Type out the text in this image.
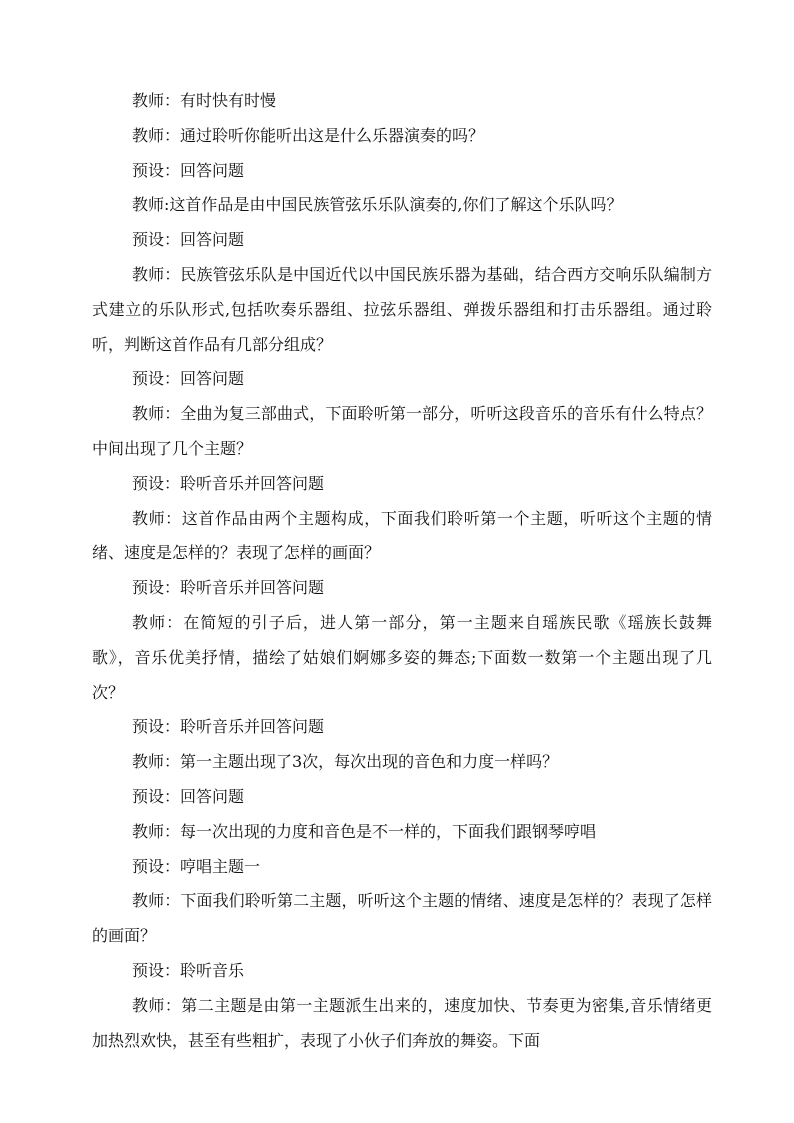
教师：有时快有时慢

教师：通过聆听你能听出这是什么乐器演奏的吗？

预设：回答问题

教师:这首作品是由中国民族管弦乐乐队演奏的,你们了解这个乐队吗？

预设：回答问题

教师：民族管弦乐队是中国近代以中国民族乐器为基础，结合西方交响乐队编制方式建立的乐队形式,包括吹奏乐器组、拉弦乐器组、弹拨乐器组和打击乐器组。通过聆听，判断这首作品有几部分组成？

预设：回答问题

教师：全曲为复三部曲式，下面聆听第一部分，听听这段音乐的音乐有什么特点？中间出现了几个主题？

预设：聆听音乐并回答问题

教师：这首作品由两个主题构成，下面我们聆听第一个主题，听听这个主题的情绪、速度是怎样的？表现了怎样的画面？

预设：聆听音乐并回答问题

教师：在简短的引子后，进人第一部分，第一主题来自瑶族民歌《瑶族长鼓舞歌》，音乐优美抒情，描绘了姑娘们婀娜多姿的舞态;下面数一数第一个主题出现了几次？

预设：聆听音乐并回答问题

教师：第一主题出现了3次，每次出现的音色和力度一样吗？

预设：回答问题

教师：每一次出现的力度和音色是不一样的，下面我们跟钢琴哼唱

预设：哼唱主题一

教师：下面我们聆听第二主题，听听这个主题的情绪、速度是怎样的？表现了怎样的画面？

预设：聆听音乐

教师：第二主题是由第一主题派生出来的，速度加快、节奏更为密集,音乐情绪更加热烈欢快，甚至有些粗扩，表现了小伙子们奔放的舞姿。下面
